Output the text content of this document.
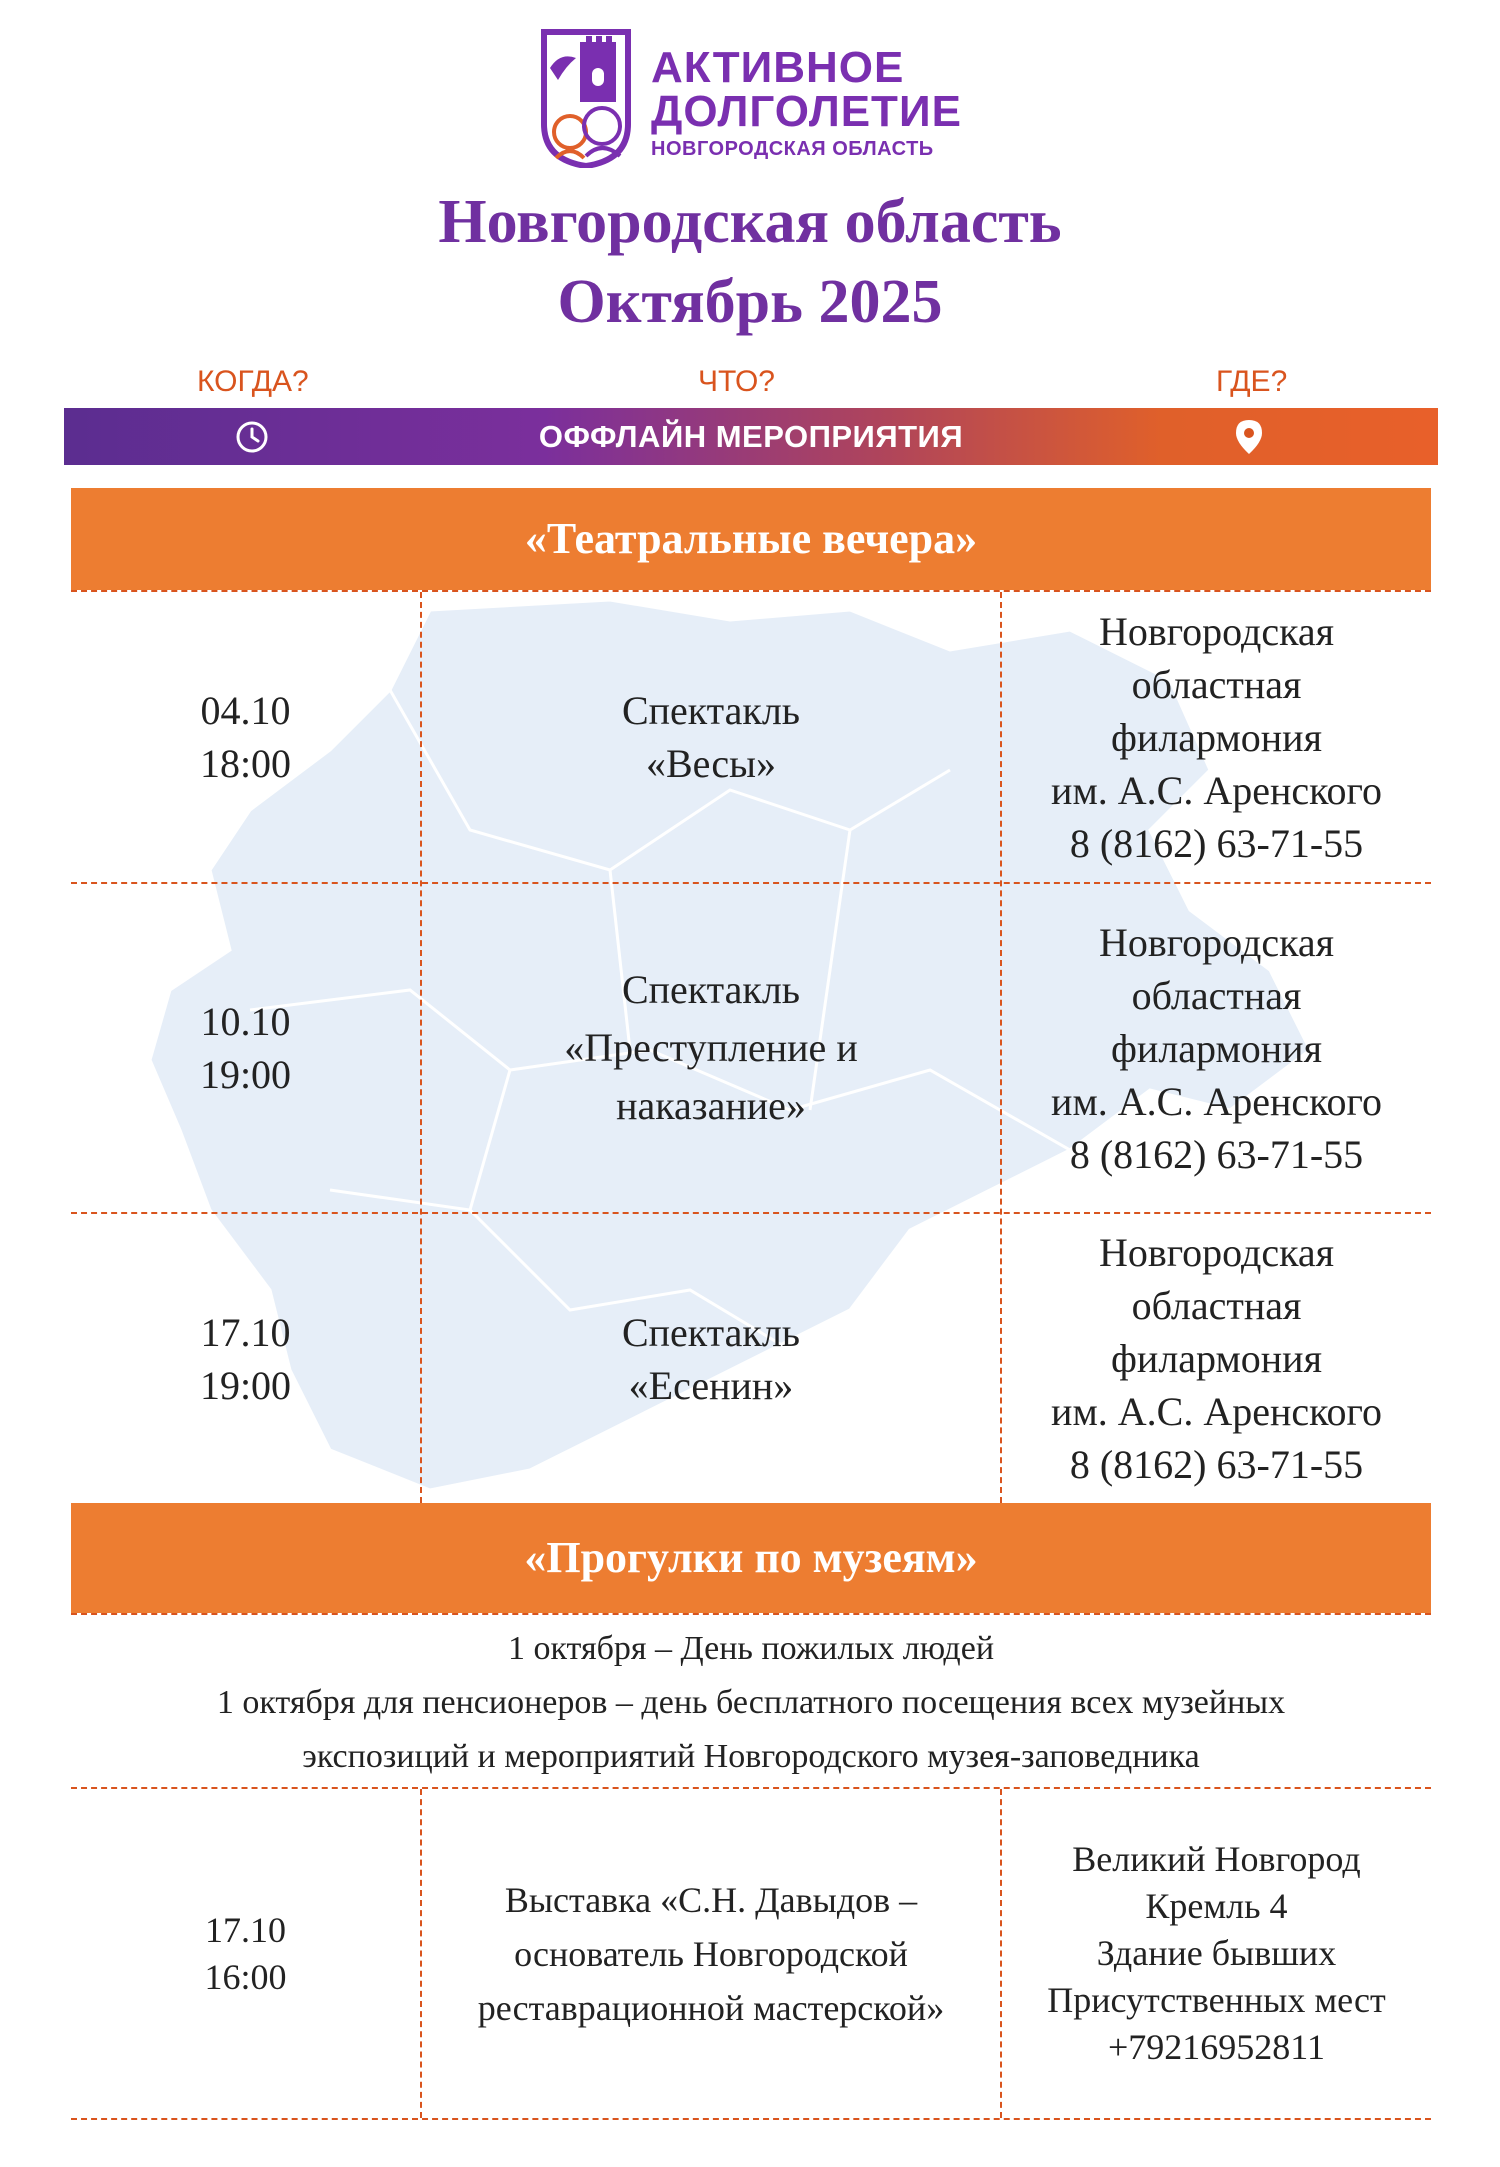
АКТИВНОЕ
ДОЛГОЛЕТИЕ
НОВГОРОДСКАЯ ОБЛАСТЬ
Новгородская область
Октябрь 2025
КОГДА?	ЧТО?	ГДЕ?
ОФФЛАЙН МЕРОПРИЯТИЯ
«Театральные вечера»
04.10
18:00
Спектакль
«Весы»
Новгородская
областная
филармония
им. А.С. Аренского
8 (8162) 63-71-55
10.10
19:00
Спектакль
«Преступление и
наказание»
Новгородская
областная
филармония
им. А.С. Аренского
8 (8162) 63-71-55
17.10
19:00
Спектакль
«Есенин»
Новгородская
областная
филармония
им. А.С. Аренского
8 (8162) 63-71-55
«Прогулки по музеям»
1 октября – День пожилых людей
1 октября для пенсионеров – день бесплатного посещения всех музейных
экспозиций и мероприятий Новгородского музея-заповедника
17.10
16:00
Выставка «С.Н. Давыдов –
основатель Новгородской
реставрационной мастерской»
Великий Новгород
Кремль 4
Здание бывших
Присутственных мест
+79216952811
